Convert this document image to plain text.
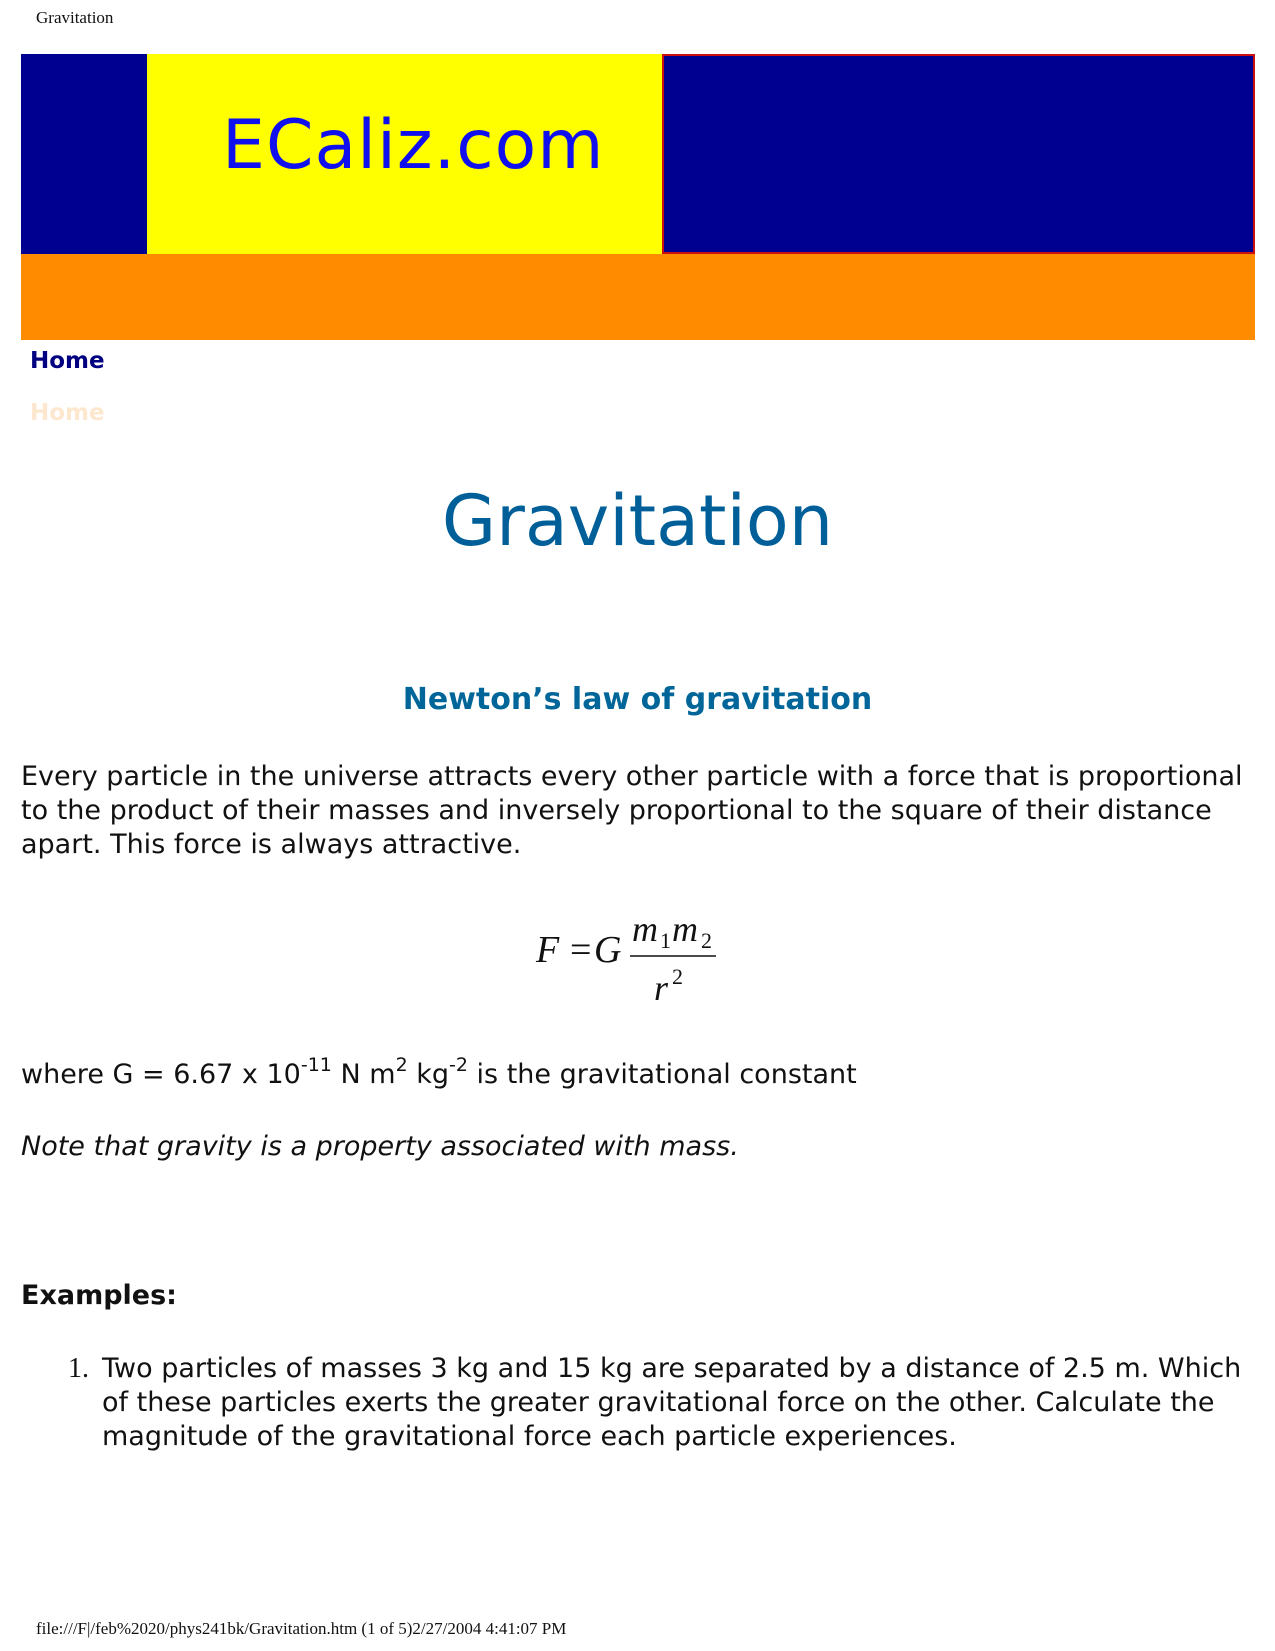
Gravitation
ECaliz.com
Home
Home
Gravitation
Newton’s law of gravitation

Every particle in the universe attracts every other particle with a force that is proportional to the product of their masses and inversely proportional to the square of their distance apart. This force is always attractive.

F = G m 1 m 2
r 2

where G = 6.67 x $10^{-11}$ N $m^2$ $kg^{-2}$ is the gravitational constant

Note that gravity is a property associated with mass.

Examples:
1. Two particles of masses 3 kg and 15 kg are separated by a distance of 2.5 m. Which of these particles exerts the greater gravitational force on the other. Calculate the magnitude of the gravitational force each particle experiences.
file:///F|/feb%2020/phys241bk/Gravitation.htm (1 of 5)2/27/2004 4:41:07 PM
